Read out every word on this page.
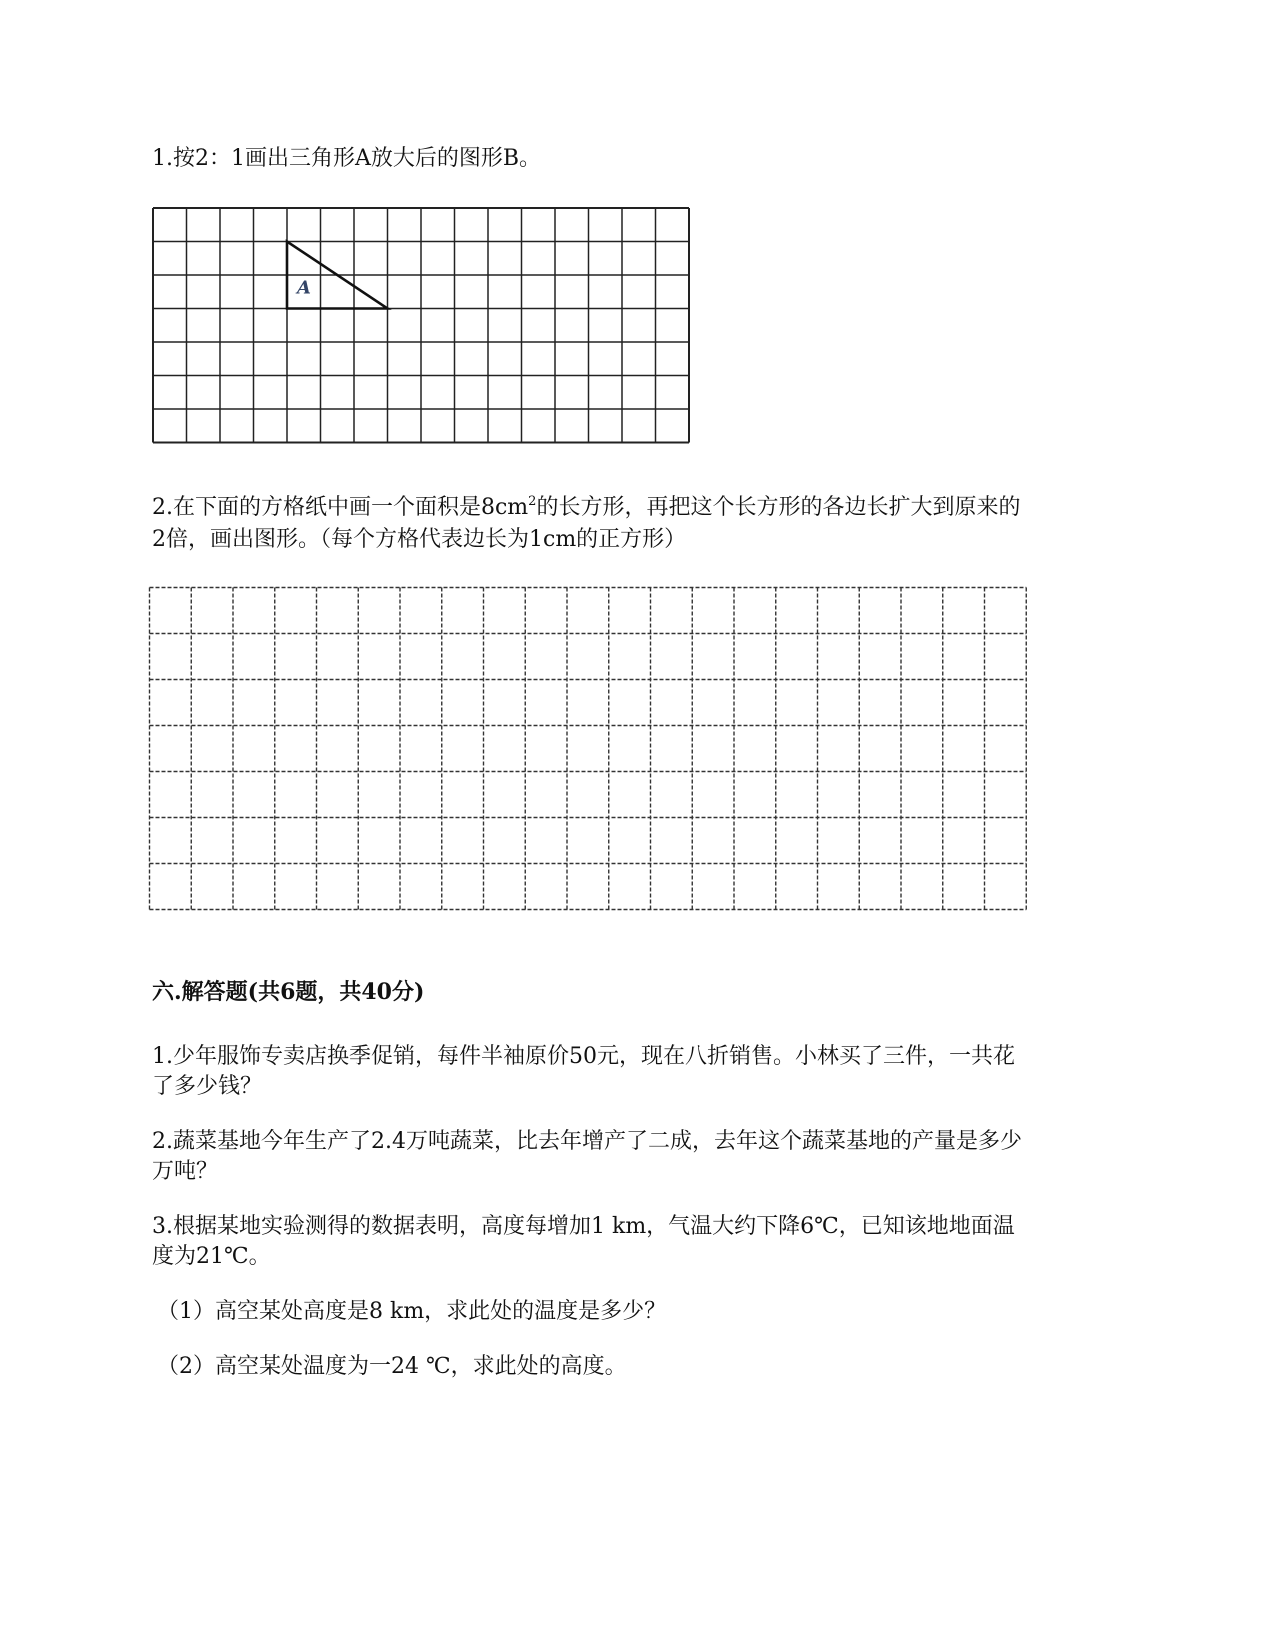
1.按2：1画出三角形A放大后的图形B。
A
2.在下面的方格纸中画一个面积是$8cm^2$的长方形，再把这个长方形的各边长扩大到原来的
2倍，画出图形。（每个方格代表边长为1cm的正方形）
六.解答题(共6题，共40分)
1.少年服饰专卖店换季促销，每件半袖原价50元，现在八折销售。小林买了三件，一共花
了多少钱？
2.蔬菜基地今年生产了2.4万吨蔬菜，比去年增产了二成，去年这个蔬菜基地的产量是多少
万吨？
3.根据某地实验测得的数据表明，高度每增加1 km，气温大约下降6℃，已知该地地面温
度为21℃。
（1）高空某处高度是8 km，求此处的温度是多少？
（2）高空某处温度为一24 ℃，求此处的高度。
